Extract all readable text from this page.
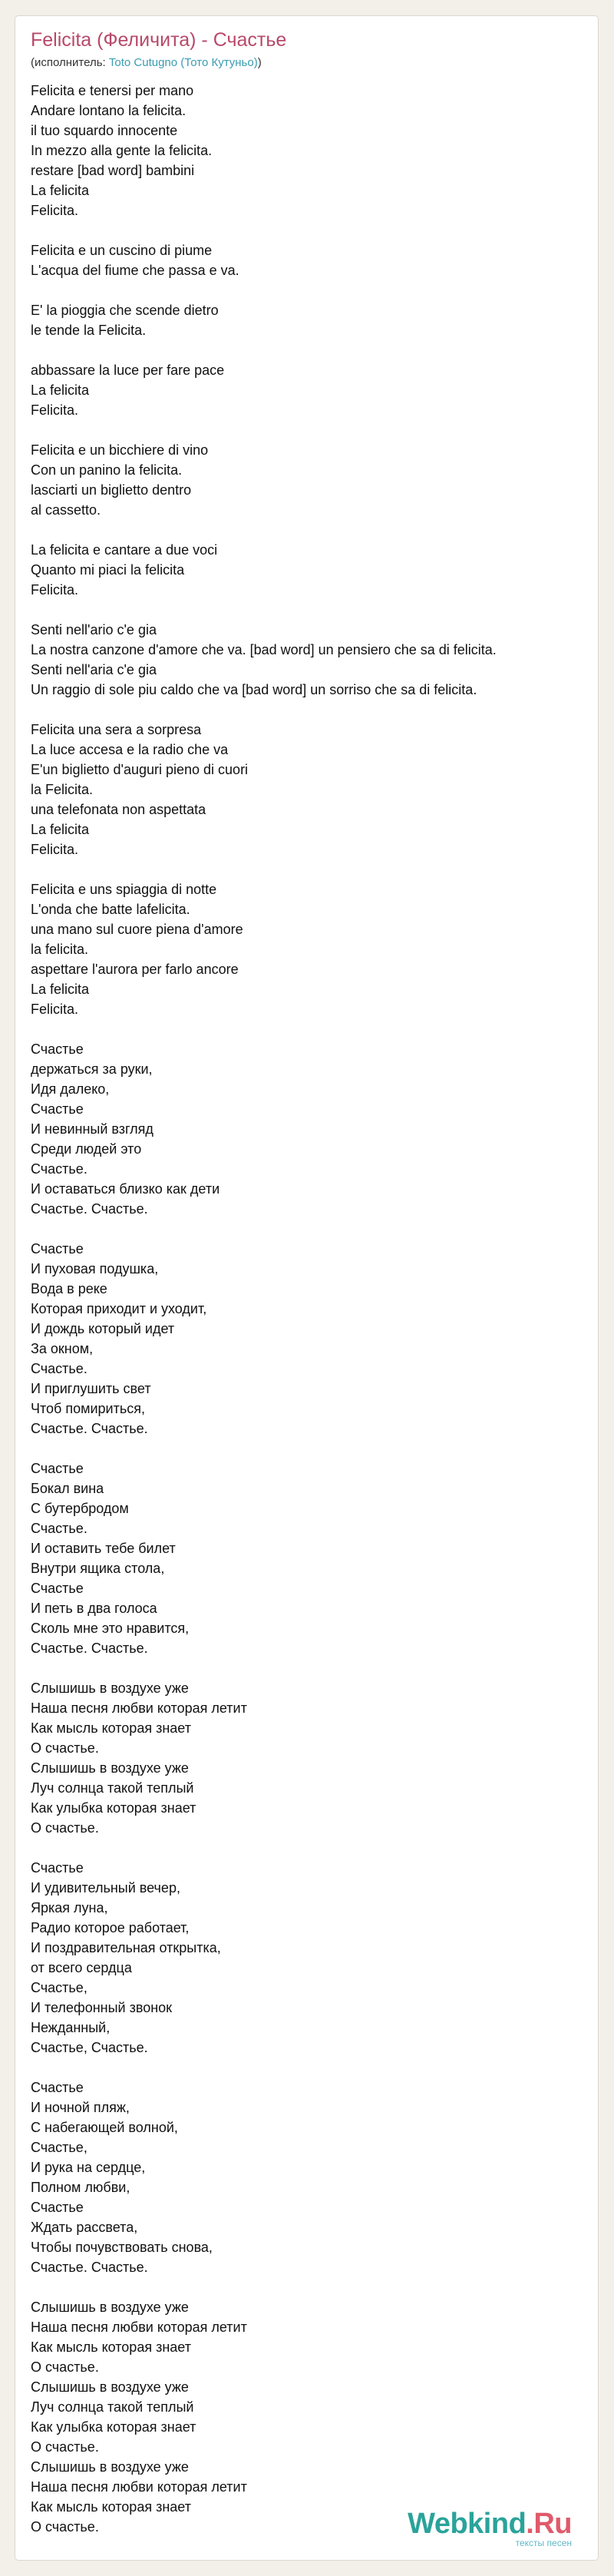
Felicita (Феличита) - Счастье
(исполнитель: Toto Cutugno (Тото Кутуньо))
Felicita e tenersi per mano
Andare lontano la felicita.
il tuo squardo innocente
In mezzo alla gente la felicita.
restare [bad word] bambini
La felicita
Felicita.
Felicita e un cuscino di piume
L'acqua del fiume che passa e va.
E' la pioggia che scende dietro
le tende la Felicita.
abbassare la luce per fare pace
La felicita
Felicita.
Felicita e un bicchiere di vino
Con un panino la felicita.
lasciarti un biglietto dentro
al cassetto.
La felicita e cantare a due voci
Quanto mi piaci la felicita
Felicita.
Senti nell'ario c'e gia
La nostra canzone d'amore che va. [bad word] un pensiero che sa di felicita.
Senti nell'aria c'e gia
Un raggio di sole piu caldo che va [bad word] un sorriso che sa di felicita.
Felicita una sera a sorpresa
La luce accesa e la radio che va
E'un biglietto d'auguri pieno di cuori
la Felicita.
una telefonata non aspettata
La felicita
Felicita.
Felicita e uns spiaggia di notte
L'onda che batte lafelicita.
una mano sul cuore piena d'amore
la felicita.
aspettare l'aurora per farlo ancore
La felicita
Felicita.
Счастье
держаться за руки,
Идя далеко,
Счастье
И невинный взгляд
Среди людей это
Счастье.
И оставаться близко как дети
Счастье. Счастье.
Счастье
И пуховая подушка,
Вода в реке
Которая приходит и уходит,
И дождь который идет
За окном,
Счастье.
И приглушить свет
Чтоб помириться,
Счастье. Счастье.
Счастье
Бокал вина
С бутербродом
Счастье.
И оставить тебе билет
Внутри ящика стола,
Счастье
И петь в два голоса
Сколь мне это нравится,
Счастье. Счастье.
Слышишь в воздухе уже
Наша песня любви которая летит
Как мысль которая знает
О счастье.
Слышишь в воздухе уже
Луч солнца такой теплый
Как улыбка которая знает
О счастье.
Счастье
И удивительный вечер,
Яркая луна,
Радио которое работает,
И поздравительная открытка,
от всего сердца
Счастье,
И телефонный звонок
Нежданный,
Счастье, Счастье.
Счастье
И ночной пляж,
С набегающей волной,
Счастье,
И рука на сердце,
Полном любви,
Счастье
Ждать рассвета,
Чтобы почувствовать снова,
Счастье. Счастье.
Слышишь в воздухе уже
Наша песня любви которая летит
Как мысль которая знает
О счастье.
Слышишь в воздухе уже
Луч солнца такой теплый
Как улыбка которая знает
О счастье.
Слышишь в воздухе уже
Наша песня любви которая летит
Как мысль которая знает
О счастье.	Webkind.Ru
тексты песен
